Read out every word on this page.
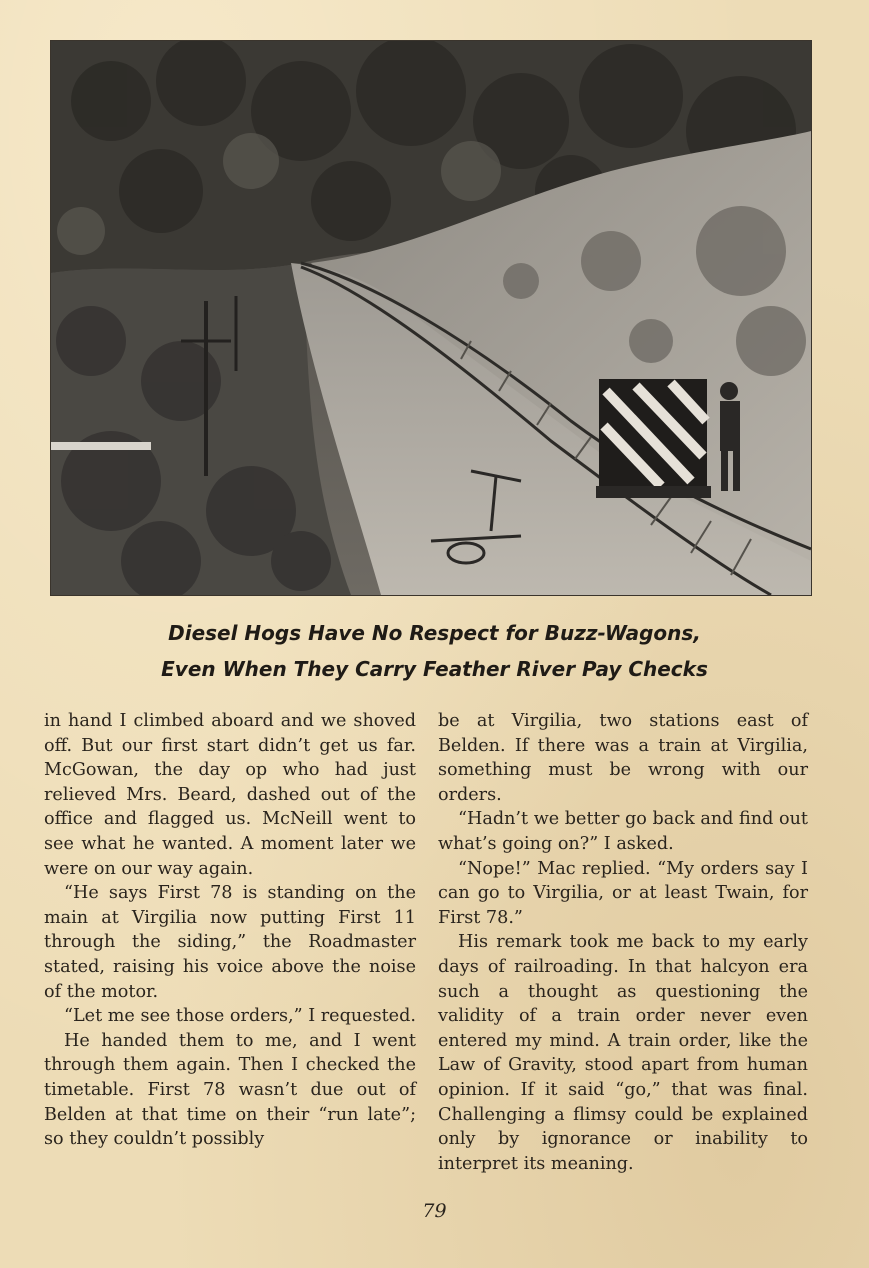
Diesel Hogs Have No Respect for Buzz-Wagons,
Even When They Carry Feather River Pay Checks

in hand I climbed aboard and we shoved off. But our first start didn’t get us far. McGowan, the day op who had just relieved Mrs. Beard, dashed out of the office and flagged us. McNeill went to see what he wanted. A moment later we were on our way again.

“He says First 78 is standing on the main at Virgilia now putting First 11 through the siding,” the Roadmaster stated, raising his voice above the noise of the motor.

“Let me see those orders,” I requested.

He handed them to me, and I went through them again. Then I checked the timetable. First 78 wasn’t due out of Belden at that time on their “run late”; so they couldn’t possibly

be at Virgilia, two stations east of Belden. If there was a train at Virgilia, something must be wrong with our orders.

“Hadn’t we better go back and find out what’s going on?” I asked.

“Nope!” Mac replied. “My orders say I can go to Virgilia, or at least Twain, for First 78.”

His remark took me back to my early days of railroading. In that halcyon era such a thought as questioning the validity of a train order never even entered my mind. A train order, like the Law of Gravity, stood apart from human opinion. If it said “go,” that was final. Challenging a flimsy could be explained only by ignorance or inability to interpret its meaning.

79
